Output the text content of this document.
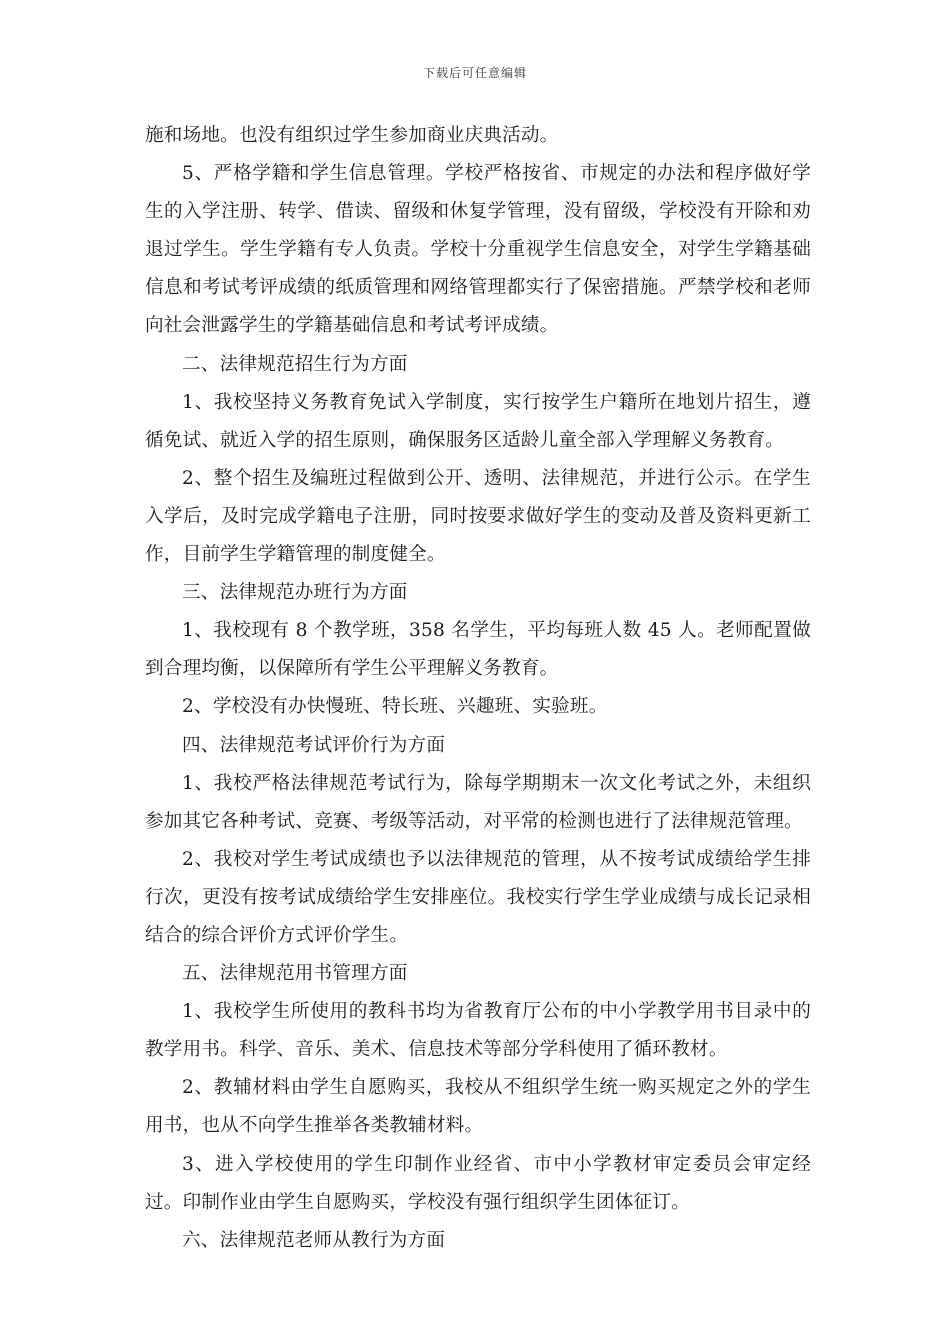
下载后可任意编辑

施和场地。也没有组织过学生参加商业庆典活动。

5、严格学籍和学生信息管理。学校严格按省、市规定的办法和程序做好学生的入学注册、转学、借读、留级和休复学管理，没有留级，学校没有开除和劝退过学生。学生学籍有专人负责。学校十分重视学生信息安全，对学生学籍基础信息和考试考评成绩的纸质管理和网络管理都实行了保密措施。严禁学校和老师向社会泄露学生的学籍基础信息和考试考评成绩。

二、法律规范招生行为方面

1、我校坚持义务教育免试入学制度，实行按学生户籍所在地划片招生，遵循免试、就近入学的招生原则，确保服务区适龄儿童全部入学理解义务教育。

2、整个招生及编班过程做到公开、透明、法律规范，并进行公示。在学生入学后，及时完成学籍电子注册，同时按要求做好学生的变动及普及资料更新工作，目前学生学籍管理的制度健全。

三、法律规范办班行为方面

1、我校现有 8 个教学班，358 名学生，平均每班人数 45 人。老师配置做到合理均衡，以保障所有学生公平理解义务教育。

2、学校没有办快慢班、特长班、兴趣班、实验班。

四、法律规范考试评价行为方面

1、我校严格法律规范考试行为，除每学期期末一次文化考试之外，未组织参加其它各种考试、竞赛、考级等活动，对平常的检测也进行了法律规范管理。

2、我校对学生考试成绩也予以法律规范的管理，从不按考试成绩给学生排行次，更没有按考试成绩给学生安排座位。我校实行学生学业成绩与成长记录相结合的综合评价方式评价学生。

五、法律规范用书管理方面

1、我校学生所使用的教科书均为省教育厅公布的中小学教学用书目录中的教学用书。科学、音乐、美术、信息技术等部分学科使用了循环教材。

2、教辅材料由学生自愿购买，我校从不组织学生统一购买规定之外的学生用书，也从不向学生推举各类教辅材料。

3、进入学校使用的学生印制作业经省、市中小学教材审定委员会审定经过。印制作业由学生自愿购买，学校没有强行组织学生团体征订。

六、法律规范老师从教行为方面
